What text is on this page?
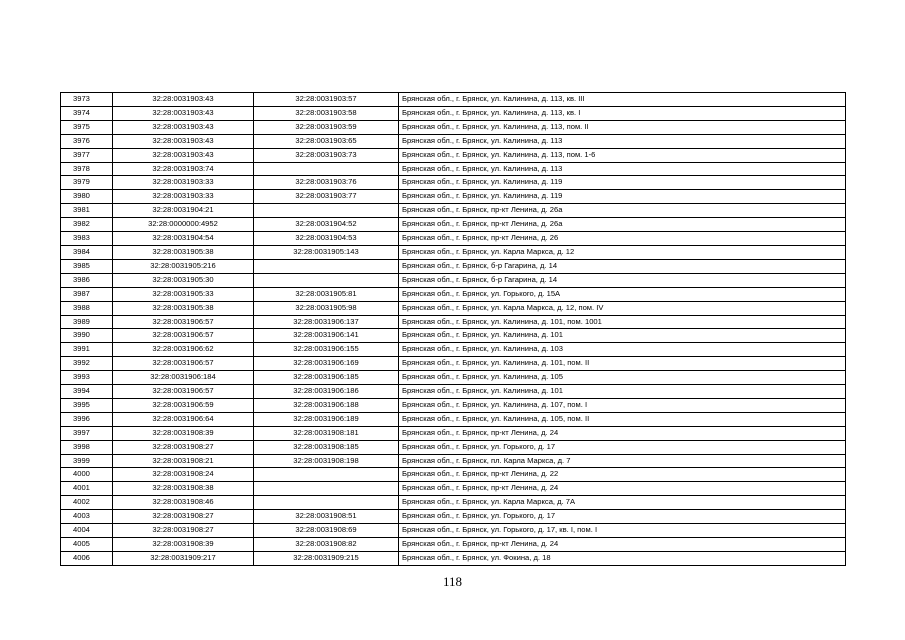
3973	32:28:0031903:43	32:28:0031903:57	Брянская обл., г. Брянск, ул. Калинина, д. 113, кв. III
3974	32:28:0031903:43	32:28:0031903:58	Брянская обл., г. Брянск, ул. Калинина, д. 113, кв. I
3975	32:28:0031903:43	32:28:0031903:59	Брянская обл., г. Брянск, ул. Калинина, д. 113, пом. II
3976	32:28:0031903:43	32:28:0031903:65	Брянская обл., г. Брянск, ул. Калинина, д. 113
3977	32:28:0031903:43	32:28:0031903:73	Брянская обл., г. Брянск, ул. Калинина, д. 113, пом. 1-6
3978	32:28:0031903:74		Брянская обл., г. Брянск, ул. Калинина, д. 113
3979	32:28:0031903:33	32:28:0031903:76	Брянская обл., г. Брянск, ул. Калинина, д. 119
3980	32:28:0031903:33	32:28:0031903:77	Брянская обл., г. Брянск, ул. Калинина, д. 119
3981	32:28:0031904:21		Брянская обл., г. Брянск, пр-кт Ленина, д. 26а
3982	32:28:0000000:4952	32:28:0031904:52	Брянская обл., г. Брянск, пр-кт Ленина, д. 26а
3983	32:28:0031904:54	32:28:0031904:53	Брянская обл., г. Брянск, пр-кт Ленина, д. 26
3984	32:28:0031905:38	32:28:0031905:143	Брянская обл., г. Брянск, ул. Карла Маркса, д. 12
3985	32:28:0031905:216		Брянская обл., г. Брянск, б-р Гагарина, д. 14
3986	32:28:0031905:30		Брянская обл., г. Брянск, б-р Гагарина, д. 14
3987	32:28:0031905:33	32:28:0031905:81	Брянская обл., г. Брянск, ул. Горького, д. 15А
3988	32:28:0031905:38	32:28:0031905:98	Брянская обл., г. Брянск, ул. Карла Маркса, д. 12, пом. IV
3989	32:28:0031906:57	32:28:0031906:137	Брянская обл., г. Брянск, ул. Калинина, д. 101, пом. 1001
3990	32:28:0031906:57	32:28:0031906:141	Брянская обл., г. Брянск, ул. Калинина, д. 101
3991	32:28:0031906:62	32:28:0031906:155	Брянская обл., г. Брянск, ул. Калинина, д. 103
3992	32:28:0031906:57	32:28:0031906:169	Брянская обл., г. Брянск, ул. Калинина, д. 101, пом. II
3993	32:28:0031906:184	32:28:0031906:185	Брянская обл., г. Брянск, ул. Калинина, д. 105
3994	32:28:0031906:57	32:28:0031906:186	Брянская обл., г. Брянск, ул. Калинина, д. 101
3995	32:28:0031906:59	32:28:0031906:188	Брянская обл., г. Брянск, ул. Калинина, д. 107, пом. I
3996	32:28:0031906:64	32:28:0031906:189	Брянская обл., г. Брянск, ул. Калинина, д. 105, пом. II
3997	32:28:0031908:39	32:28:0031908:181	Брянская обл., г. Брянск, пр-кт Ленина, д. 24
3998	32:28:0031908:27	32:28:0031908:185	Брянская обл., г. Брянск, ул. Горького, д. 17
3999	32:28:0031908:21	32:28:0031908:198	Брянская обл., г. Брянск, пл. Карла Маркса, д. 7
4000	32:28:0031908:24		Брянская обл., г. Брянск, пр-кт Ленина, д. 22
4001	32:28:0031908:38		Брянская обл., г. Брянск, пр-кт Ленина, д. 24
4002	32:28:0031908:46		Брянская обл., г. Брянск, ул. Карла Маркса, д. 7А
4003	32:28:0031908:27	32:28:0031908:51	Брянская обл., г. Брянск, ул. Горького, д. 17
4004	32:28:0031908:27	32:28:0031908:69	Брянская обл., г. Брянск, ул. Горького, д. 17, кв. I, пом. I
4005	32:28:0031908:39	32:28:0031908:82	Брянская обл., г. Брянск, пр-кт Ленина, д. 24
4006	32:28:0031909:217	32:28:0031909:215	Брянская обл., г. Брянск, ул. Фокина, д. 18
118
